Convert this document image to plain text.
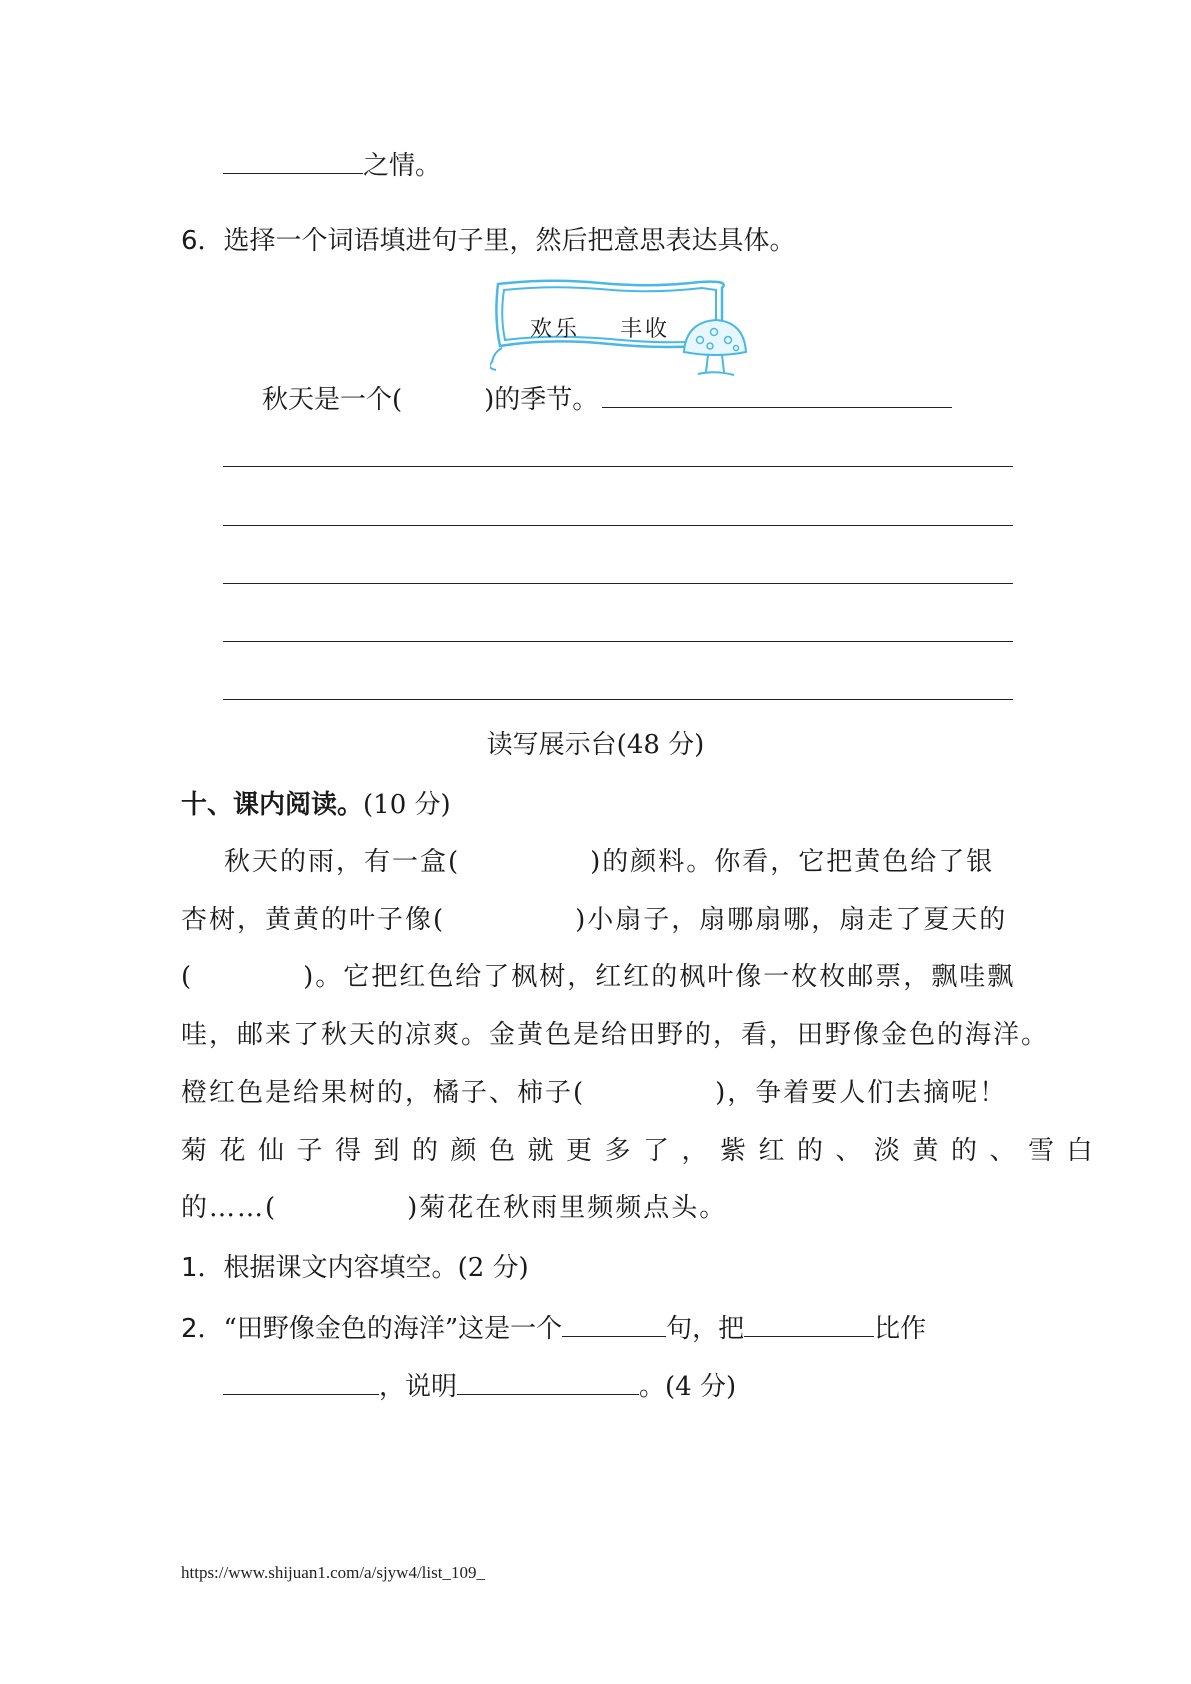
之情。
6．选择一个词语填进句子里，然后把意思表达具体。
欢乐 丰收
秋天是一个(	)的季节。
读写展示台(48 分)
十、课内阅读。(10 分)
秋天的雨，有一盒(	)的颜料。你看，它把黄色给了银
杏树，黄黄的叶子像(	)小扇子，扇哪扇哪，扇走了夏天的
(	)。它把红色给了枫树，红红的枫叶像一枚枚邮票，飘哇飘
哇，邮来了秋天的凉爽。金黄色是给田野的，看，田野像金色的海洋。
橙红色是给果树的，橘子、柿子(	)，争着要人们去摘呢！
菊花仙子得到的颜色就更多了，紫红的、淡黄的、雪白
的……(	)菊花在秋雨里频频点头。
1．根据课文内容填空。(2 分)
2．“田野像金色的海洋”这是一个	句，把	比作
，说明	。(4 分)
https://www.shijuan1.com/a/sjyw4/list_109_
